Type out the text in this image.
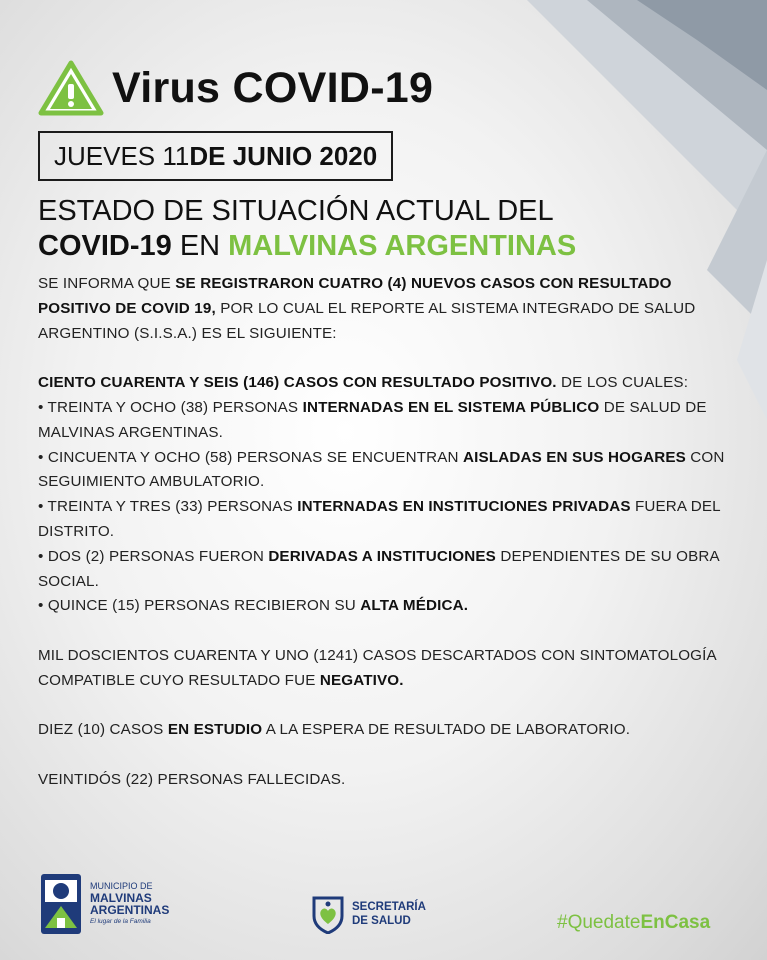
Virus COVID-19
JUEVES 11 DE JUNIO 2020
ESTADO DE SITUACIÓN ACTUAL DEL
COVID-19 EN MALVINAS ARGENTINAS

SE INFORMA QUE SE REGISTRARON CUATRO (4) NUEVOS CASOS CON RESULTADO POSITIVO DE COVID 19, POR LO CUAL EL REPORTE AL SISTEMA INTEGRADO DE SALUD ARGENTINO (S.I.S.A.) ES EL SIGUIENTE:

CIENTO CUARENTA Y SEIS (146) CASOS CON RESULTADO POSITIVO. DE LOS CUALES:

• TREINTA Y OCHO (38) PERSONAS INTERNADAS EN EL SISTEMA PÚBLICO DE SALUD DE MALVINAS ARGENTINAS.

• CINCUENTA Y OCHO (58) PERSONAS SE ENCUENTRAN AISLADAS EN SUS HOGARES CON SEGUIMIENTO AMBULATORIO.

• TREINTA Y TRES (33) PERSONAS INTERNADAS EN INSTITUCIONES PRIVADAS FUERA DEL DISTRITO.

• DOS (2) PERSONAS FUERON DERIVADAS A INSTITUCIONES DEPENDIENTES DE SU OBRA SOCIAL.

• QUINCE (15) PERSONAS RECIBIERON SU ALTA MÉDICA.

MIL DOSCIENTOS CUARENTA Y UNO (1241) CASOS DESCARTADOS CON SINTOMATOLOGÍA COMPATIBLE CUYO RESULTADO FUE NEGATIVO.

DIEZ (10) CASOS EN ESTUDIO A LA ESPERA DE RESULTADO DE LABORATORIO.

VEINTIDÓS (22) PERSONAS FALLECIDAS.

MUNICIPIO DE
MALVINAS
ARGENTINAS
El lugar de la Familia
SECRETARÍA
DE SALUD	#QuedateEnCasa
